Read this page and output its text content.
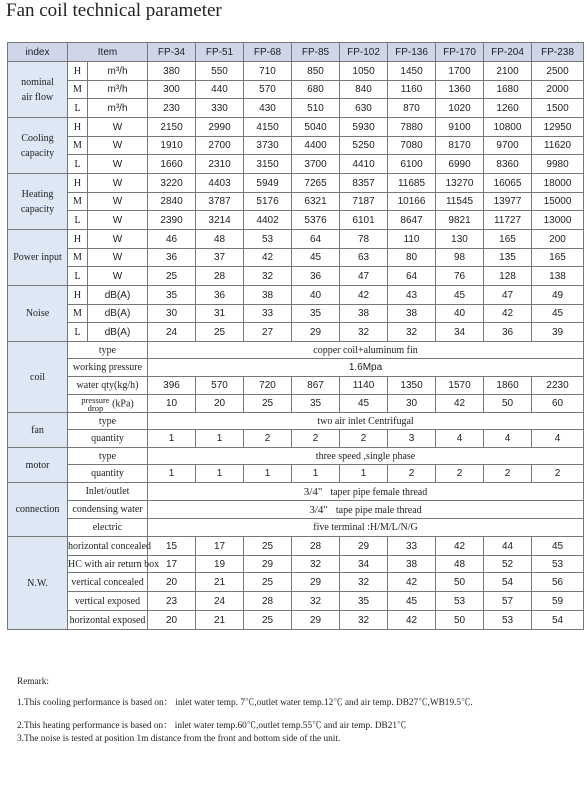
Fan coil technical parameter
index	Item		FP-34	FP-51	FP-68	FP-85	FP-102	FP-136	FP-170	FP-204	FP-238
nominal
air flow	H	m³/h	380	550	710	850	1050	1450	1700	2100	2500
	M	m³/h	300	440	570	680	840	1160	1360	1680	2000
	L	m³/h	230	330	430	510	630	870	1020	1260	1500
Cooling
capacity	H	W	2150	2990	4150	5040	5930	7880	9100	10800	12950
	M	W	1910	2700	3730	4400	5250	7080	8170	9700	11620
	L	W	1660	2310	3150	3700	4410	6100	6990	8360	9980
Heating
capacity	H	W	3220	4403	5949	7265	8357	11685	13270	16065	18000
	M	W	2840	3787	5176	6321	7187	10166	11545	13977	15000
	L	W	2390	3214	4402	5376	6101	8647	9821	11727	13000
Power input	H	W	46	48	53	64	78	110	130	165	200
	M	W	36	37	42	45	63	80	98	135	165
	L	W	25	28	32	36	47	64	76	128	138
Noise	H	dB(A)	35	36	38	40	42	43	45	47	49
	M	dB(A)	30	31	33	35	38	38	40	42	45
	L	dB(A)	24	25	27	29	32	32	34	36	39
coil	type		copper coil+aluminum fin								
	working pressure		1.6Mpa								
	water qty(kg/h)		396	570	720	867	1140	1350	1570	1860	2230
	pressure
drop (kPa)		10	20	25	35	45	30	42	50	60
fan	type		two air inlet Centrifugal								
	quantity		1	1	2	2	2	3	4	4	4
motor	type		three speed ,single phase								
	quantity		1	1	1	1	1	2	2	2	2
connection	Inlet/outlet		3/4" taper pipe female thread								
	condensing water		3/4" tape pipe male thread								
	electric		five terminal :H/M/L/N/G								
N.W.	horizontal concealed		15	17	25	28	29	33	42	44	45
	HC with air return box		17	19	29	32	34	38	48	52	53
	vertical concealed		20	21	25	29	32	42	50	54	56
	vertical exposed		23	24	28	32	35	45	53	57	59
	horizontal exposed		20	21	25	29	32	42	50	53	54
Remark:
1.This cooling performance is based on： inlet water temp. 7℃,outlet water temp.12℃ and air temp. DB27℃,WB19.5℃.
2.This heating performance is based on： inlet water temp.60℃,outlet temp.55℃ and air temp. DB21℃
3.The noise is tested at position 1m distance from the front and bottom side of the unit.
